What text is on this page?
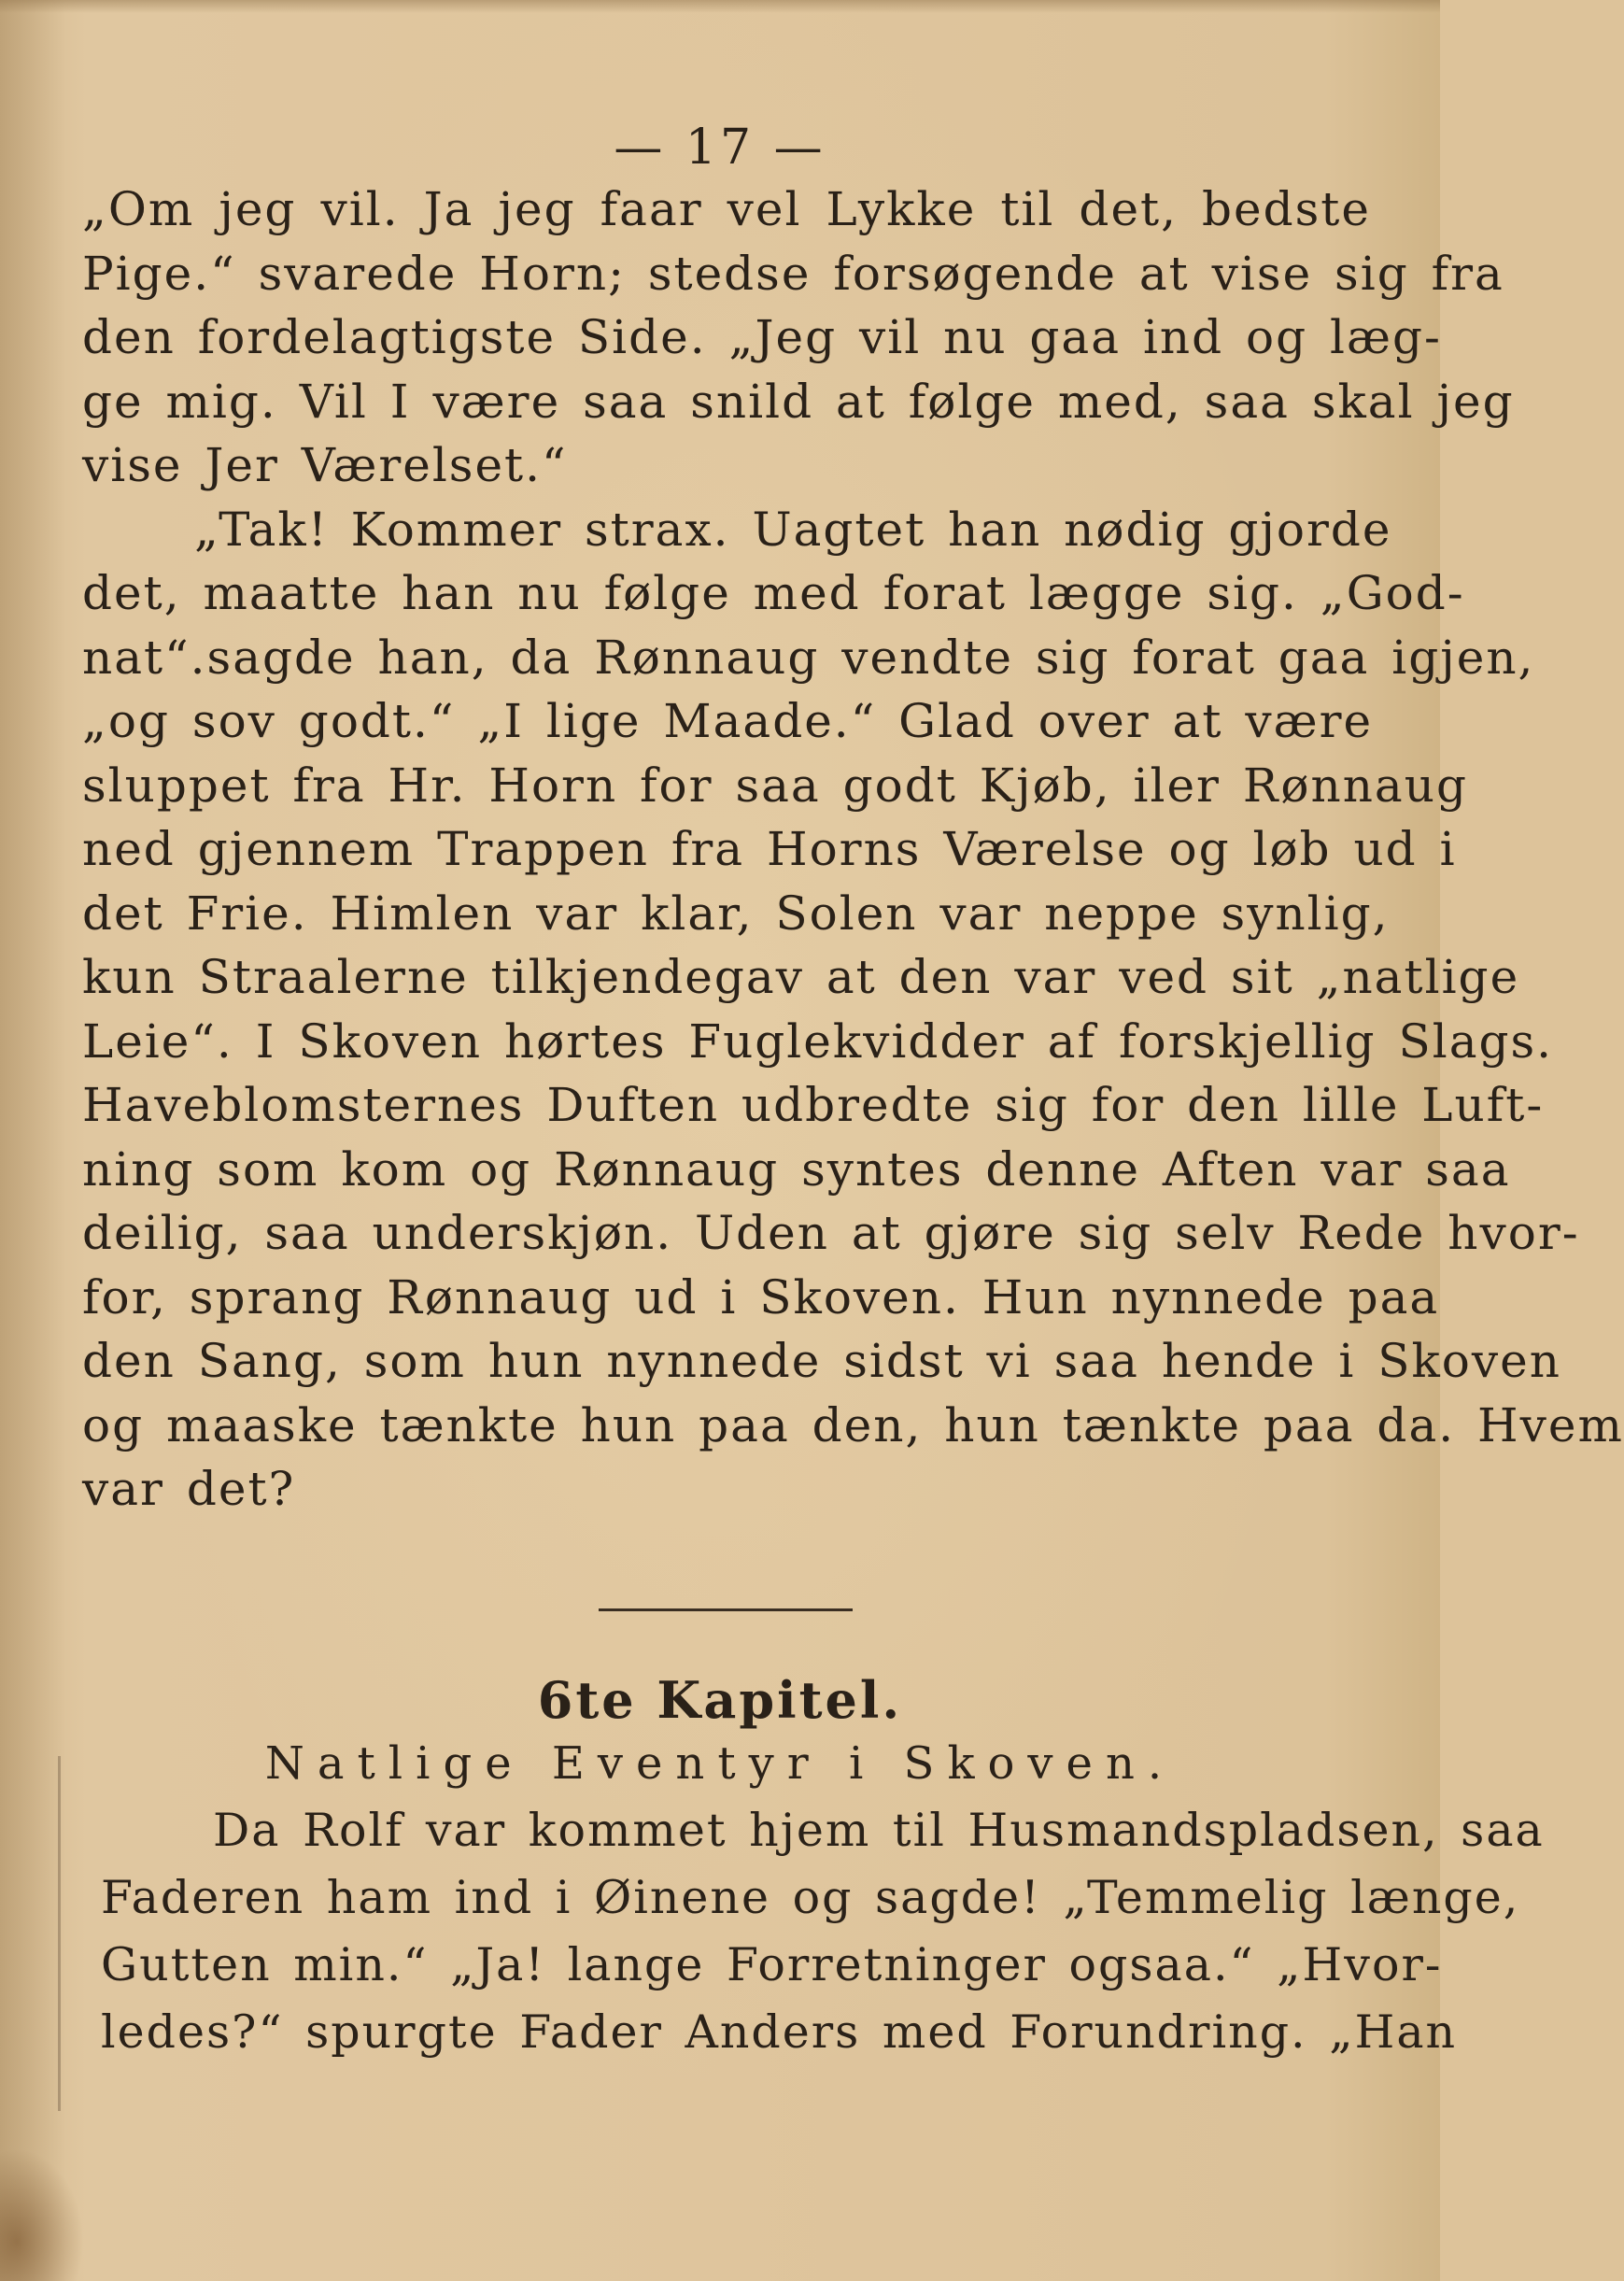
— 17 —
„Om jeg vil. Ja jeg faar vel Lykke til det, bedste
Pige.“ svarede Horn; stedse forsøgende at vise sig fra
den fordelagtigste Side. „Jeg vil nu gaa ind og læg-
ge mig. Vil I være saa snild at følge med, saa skal jeg
vise Jer Værelset.“
„Tak! Kommer strax. Uagtet han nødig gjorde
det, maatte han nu følge med forat lægge sig. „God-
nat“.sagde han, da Rønnaug vendte sig forat gaa igjen,
„og sov godt.“ „I lige Maade.“ Glad over at være
sluppet fra Hr. Horn for saa godt Kjøb, iler Rønnaug
ned gjennem Trappen fra Horns Værelse og løb ud i
det Frie. Himlen var klar, Solen var neppe synlig,
kun Straalerne tilkjendegav at den var ved sit „natlige
Leie“. I Skoven hørtes Fuglekvidder af forskjellig Slags.
Haveblomsternes Duften udbredte sig for den lille Luft-
ning som kom og Rønnaug syntes denne Aften var saa
deilig, saa underskjøn. Uden at gjøre sig selv Rede hvor-
for, sprang Rønnaug ud i Skoven. Hun nynnede paa
den Sang, som hun nynnede sidst vi saa hende i Skoven
og maaske tænkte hun paa den, hun tænkte paa da. Hvem
var det?
6te Kapitel.
Natlige Eventyr i Skoven.
Da Rolf var kommet hjem til Husmandspladsen, saa
Faderen ham ind i Øinene og sagde! „Temmelig længe,
Gutten min.“ „Ja! lange Forretninger ogsaa.“ „Hvor-
ledes?“ spurgte Fader Anders med Forundring. „Han
